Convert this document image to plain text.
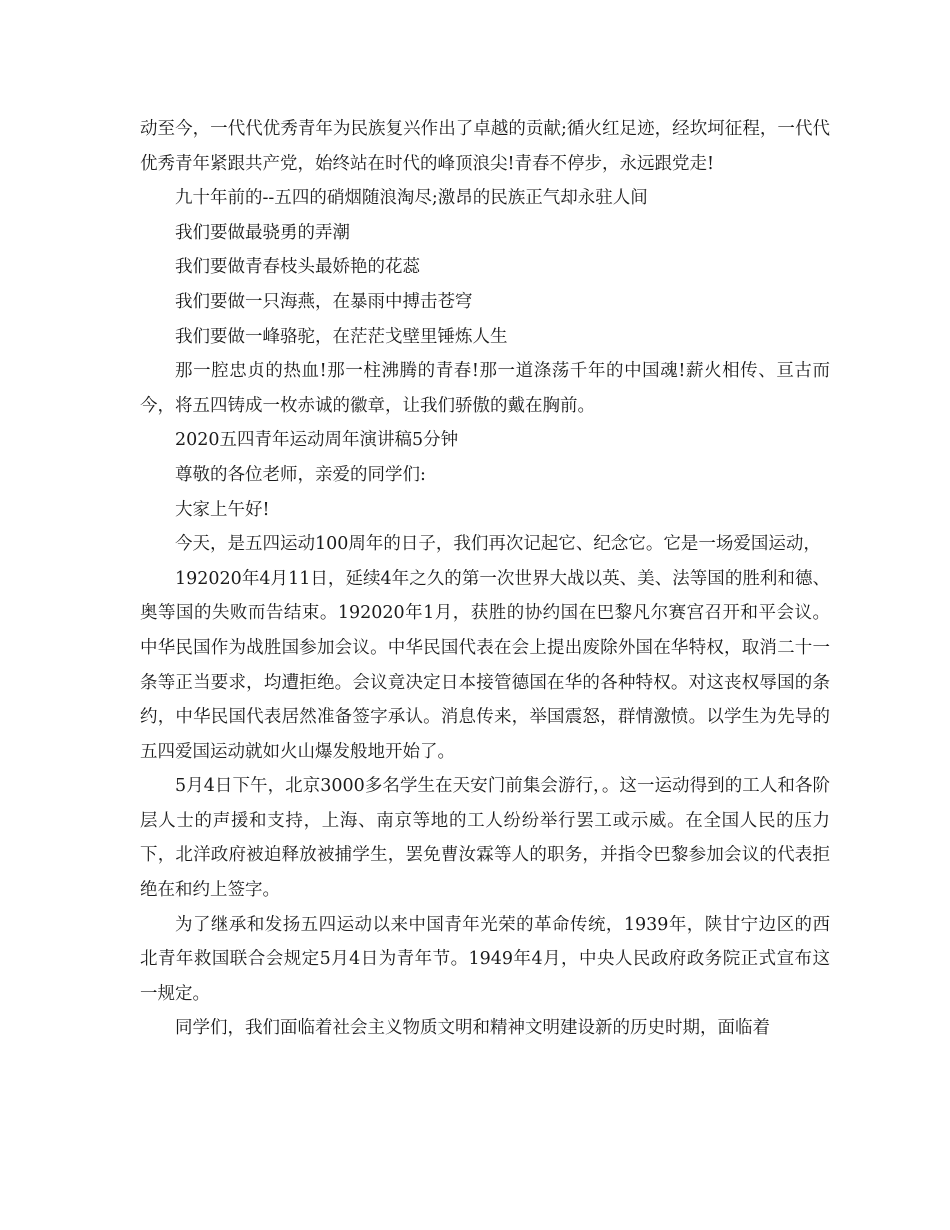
动至今，一代代优秀青年为民族复兴作出了卓越的贡献;循火红足迹，经坎坷征程，一代代优秀青年紧跟共产党，始终站在时代的峰顶浪尖!青春不停步，永远跟党走!

九十年前的--五四的硝烟随浪淘尽;激昂的民族正气却永驻人间

我们要做最骁勇的弄潮

我们要做青春枝头最娇艳的花蕊

我们要做一只海燕，在暴雨中搏击苍穹

我们要做一峰骆驼，在茫茫戈壁里锤炼人生

那一腔忠贞的热血!那一柱沸腾的青春!那一道涤荡千年的中国魂!薪火相传、亘古而今，将五四铸成一枚赤诚的徽章，让我们骄傲的戴在胸前。

2020五四青年运动周年演讲稿5分钟

尊敬的各位老师，亲爱的同学们:

大家上午好!

今天，是五四运动100周年的日子，我们再次记起它、纪念它。它是一场爱国运动，

192020年4月11日，延续4年之久的第一次世界大战以英、美、法等国的胜利和德、奥等国的失败而告结束。192020年1月，获胜的协约国在巴黎凡尔赛宫召开和平会议。中华民国作为战胜国参加会议。中华民国代表在会上提出废除外国在华特权，取消二十一条等正当要求，均遭拒绝。会议竟决定日本接管德国在华的各种特权。对这丧权辱国的条约，中华民国代表居然准备签字承认。消息传来，举国震怒，群情激愤。以学生为先导的五四爱国运动就如火山爆发般地开始了。

5月4日下午，北京3000多名学生在天安门前集会游行，。这一运动得到的工人和各阶层人士的声援和支持，上海、南京等地的工人纷纷举行罢工或示威。在全国人民的压力下，北洋政府被迫释放被捕学生，罢免曹汝霖等人的职务，并指令巴黎参加会议的代表拒绝在和约上签字。

为了继承和发扬五四运动以来中国青年光荣的革命传统，1939年，陕甘宁边区的西北青年救国联合会规定5月4日为青年节。1949年4月，中央人民政府政务院正式宣布这一规定。

同学们，我们面临着社会主义物质文明和精神文明建设新的历史时期，面临着
